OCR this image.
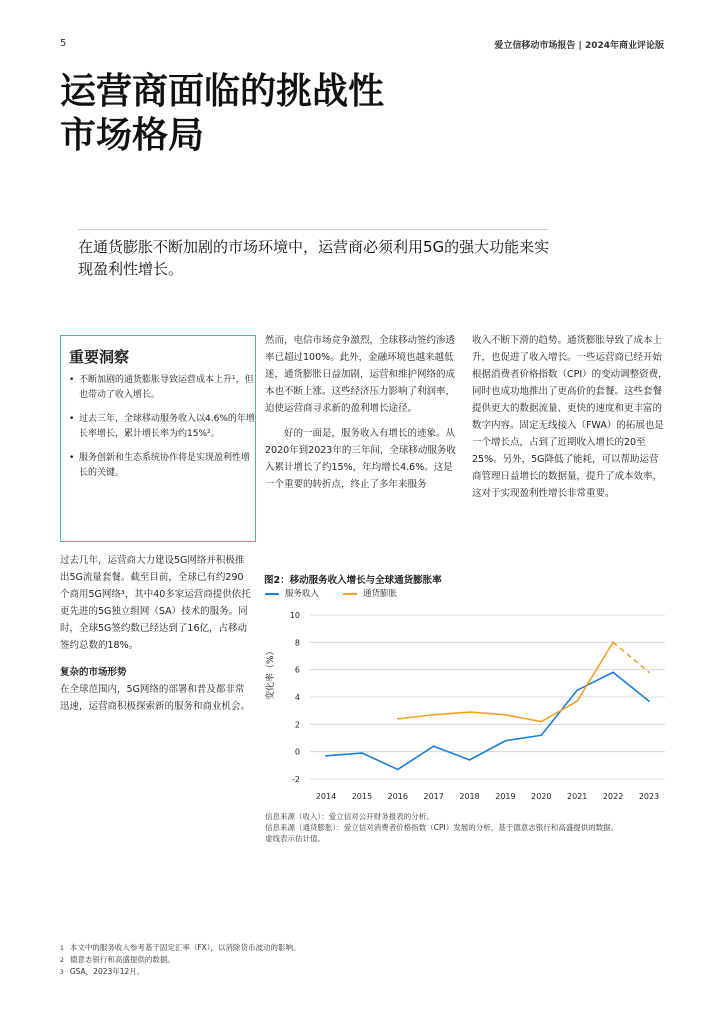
5	爱立信移动市场报告 | 2024年商业评论版
运营商面临的挑战性
市场格局
在通货膨胀不断加剧的市场环境中，运营商必须利用5G的强大功能来实现盈利性增长。
重要洞察
• 不断加剧的通货膨胀导致运营成本上升¹，但也带动了收入增长。
• 过去三年，全球移动服务收入以4.6%的年增长率增长，累计增长率为约15%²。
• 服务创新和生态系统协作将是实现盈利性增长的关键。

过去几年，运营商大力建设5G网络并积极推出5G流量套餐。截至目前，全球已有约290个商用5G网络³，其中40多家运营商提供依托更先进的5G独立组网（SA）技术的服务。同时，全球5G签约数已经达到了16亿，占移动签约总数的18%。

复杂的市场形势

在全球范围内，5G网络的部署和普及都非常迅速，运营商积极探索新的服务和商业机会。

然而，电信市场竞争激烈，全球移动签约渗透率已超过100%。此外，金融环境也越来越低迷，通货膨胀日益加剧，运营和维护网络的成本也不断上涨。这些经济压力影响了利润率，迫使运营商寻求新的盈利增长途径。

好的一面是，服务收入有增长的迹象。从2020年到2023年的三年间，全球移动服务收入累计增长了约15%，年均增长4.6%。这是一个重要的转折点，终止了多年来服务

收入不断下滑的趋势。通货膨胀导致了成本上升，也促进了收入增长。一些运营商已经开始根据消费者价格指数（CPI）的变动调整资费，同时也成功地推出了更高价的套餐。这些套餐提供更大的数据流量、更快的速度和更丰富的数字内容。固定无线接入（FWA）的拓展也是一个增长点，占到了近期收入增长的20至25%。另外，5G降低了能耗，可以帮助运营商管理日益增长的数据量，提升了成本效率，这对于实现盈利性增长非常重要。

图2：移动服务收入增长与全球通货膨胀率
服务收入	通货膨胀
变化率（%）
-2
0
2
4
6
8
10
2014 2015 2016 2017 2018 2019 2020 2021 2022 2023
信息来源（收入）：爱立信对公开财务报表的分析。
信息来源（通货膨胀）：爱立信对消费者价格指数（CPI）发展的分析，基于德意志银行和高盛提供的数据。
虚线表示估计值。
1 本文中的服务收入参考基于固定汇率（FX），以消除货币波动的影响。
2 德意志银行和高盛提供的数据。
3 GSA，2023年12月。
